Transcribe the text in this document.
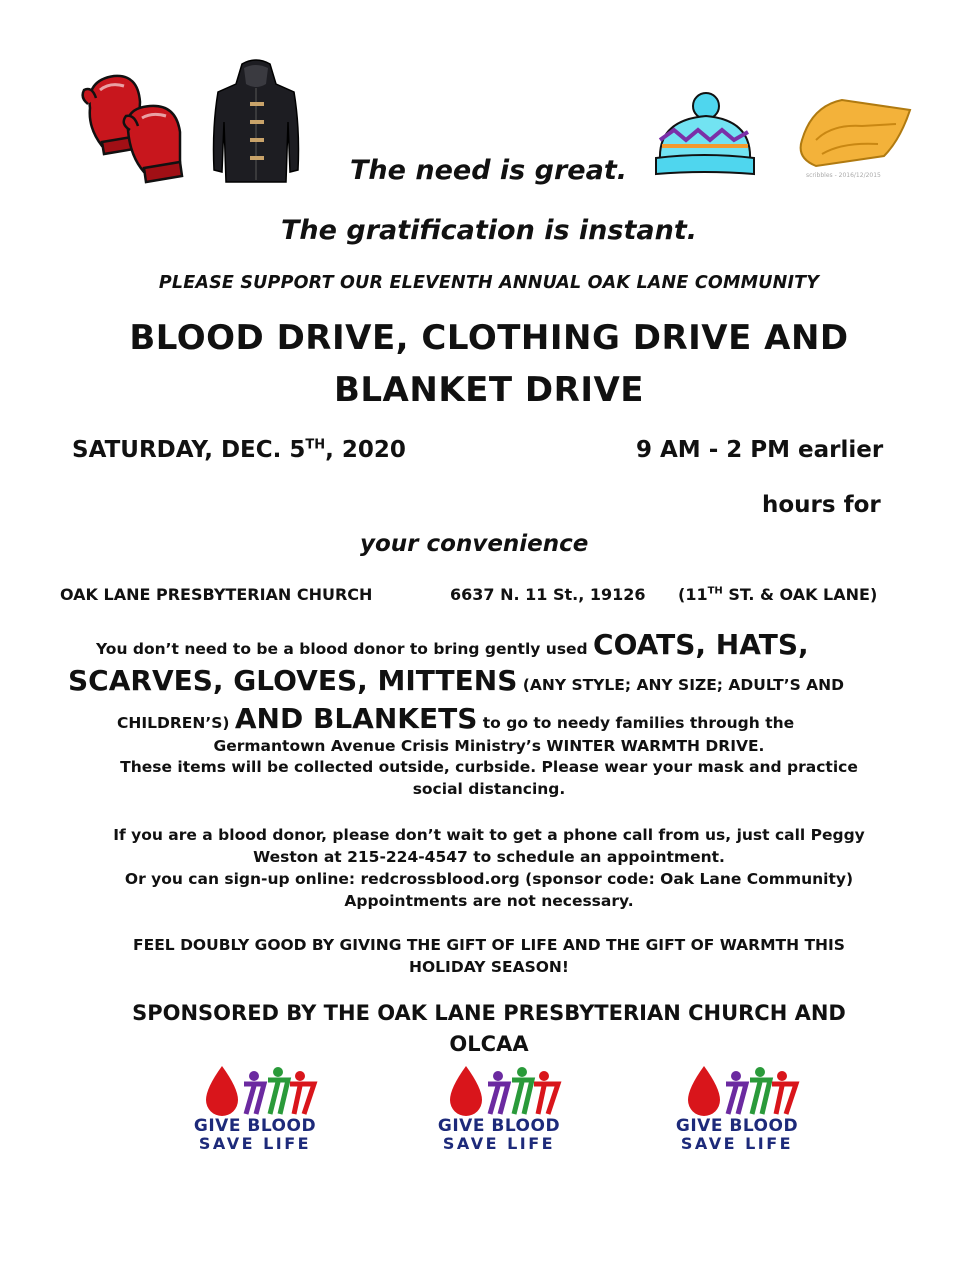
scribbles - 2016/12/2015
The need is great.
The gratification is instant.
PLEASE SUPPORT OUR ELEVENTH ANNUAL OAK LANE COMMUNITY
BLOOD DRIVE, CLOTHING DRIVE AND
BLANKET DRIVE
SATURDAY, DEC. 5TH, 2020	9 AM - 2 PM earlier
hours for
your convenience
OAK LANE PRESBYTERIAN CHURCH	6637 N. 11 St., 19126 (11TH ST. & OAK LANE)
You don’t need to be a blood donor to bring gently used COATS, HATS,
SCARVES, GLOVES, MITTENS (ANY STYLE; ANY SIZE; ADULT’S AND
CHILDREN’S) AND BLANKETS to go to needy families through the
Germantown Avenue Crisis Ministry’s WINTER WARMTH DRIVE.
These items will be collected outside, curbside. Please wear your mask and practice
social distancing.
If you are a blood donor, please don’t wait to get a phone call from us, just call Peggy
Weston at 215-224-4547 to schedule an appointment.
Or you can sign-up online: redcrossblood.org (sponsor code: Oak Lane Community)
Appointments are not necessary.
FEEL DOUBLY GOOD BY GIVING THE GIFT OF LIFE AND THE GIFT OF WARMTH THIS
HOLIDAY SEASON!
SPONSORED BY THE OAK LANE PRESBYTERIAN CHURCH AND
OLCAA
GIVE BLOOD
SAVE LIFE
GIVE BLOOD
SAVE LIFE
GIVE BLOOD
SAVE LIFE
